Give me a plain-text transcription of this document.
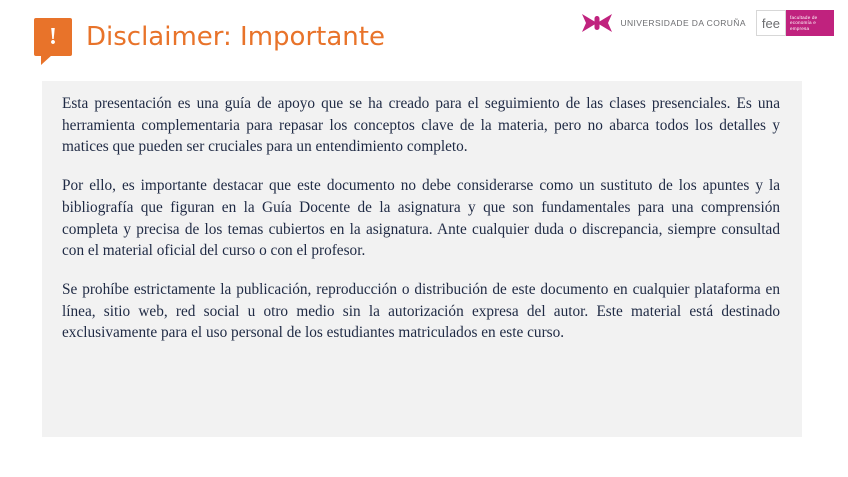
! Disclaimer: Importante	UNIVERSIDADE DA CORUÑA	fee	facultade de
economía e
empresa

Esta presentación es una guía de apoyo que se ha creado para el seguimiento de las clases presenciales. Es una herramienta complementaria para repasar los conceptos clave de la materia, pero no abarca todos los detalles y matices que pueden ser cruciales para un entendimiento completo.

Por ello, es importante destacar que este documento no debe considerarse como un sustituto de los apuntes y la bibliografía que figuran en la Guía Docente de la asignatura y que son fundamentales para una comprensión completa y precisa de los temas cubiertos en la asignatura. Ante cualquier duda o discrepancia, siempre consultad con el material oficial del curso o con el profesor.

Se prohíbe estrictamente la publicación, reproducción o distribución de este documento en cualquier plataforma en línea, sitio web, red social u otro medio sin la autorización expresa del autor. Este material está destinado exclusivamente para el uso personal de los estudiantes matriculados en este curso.
